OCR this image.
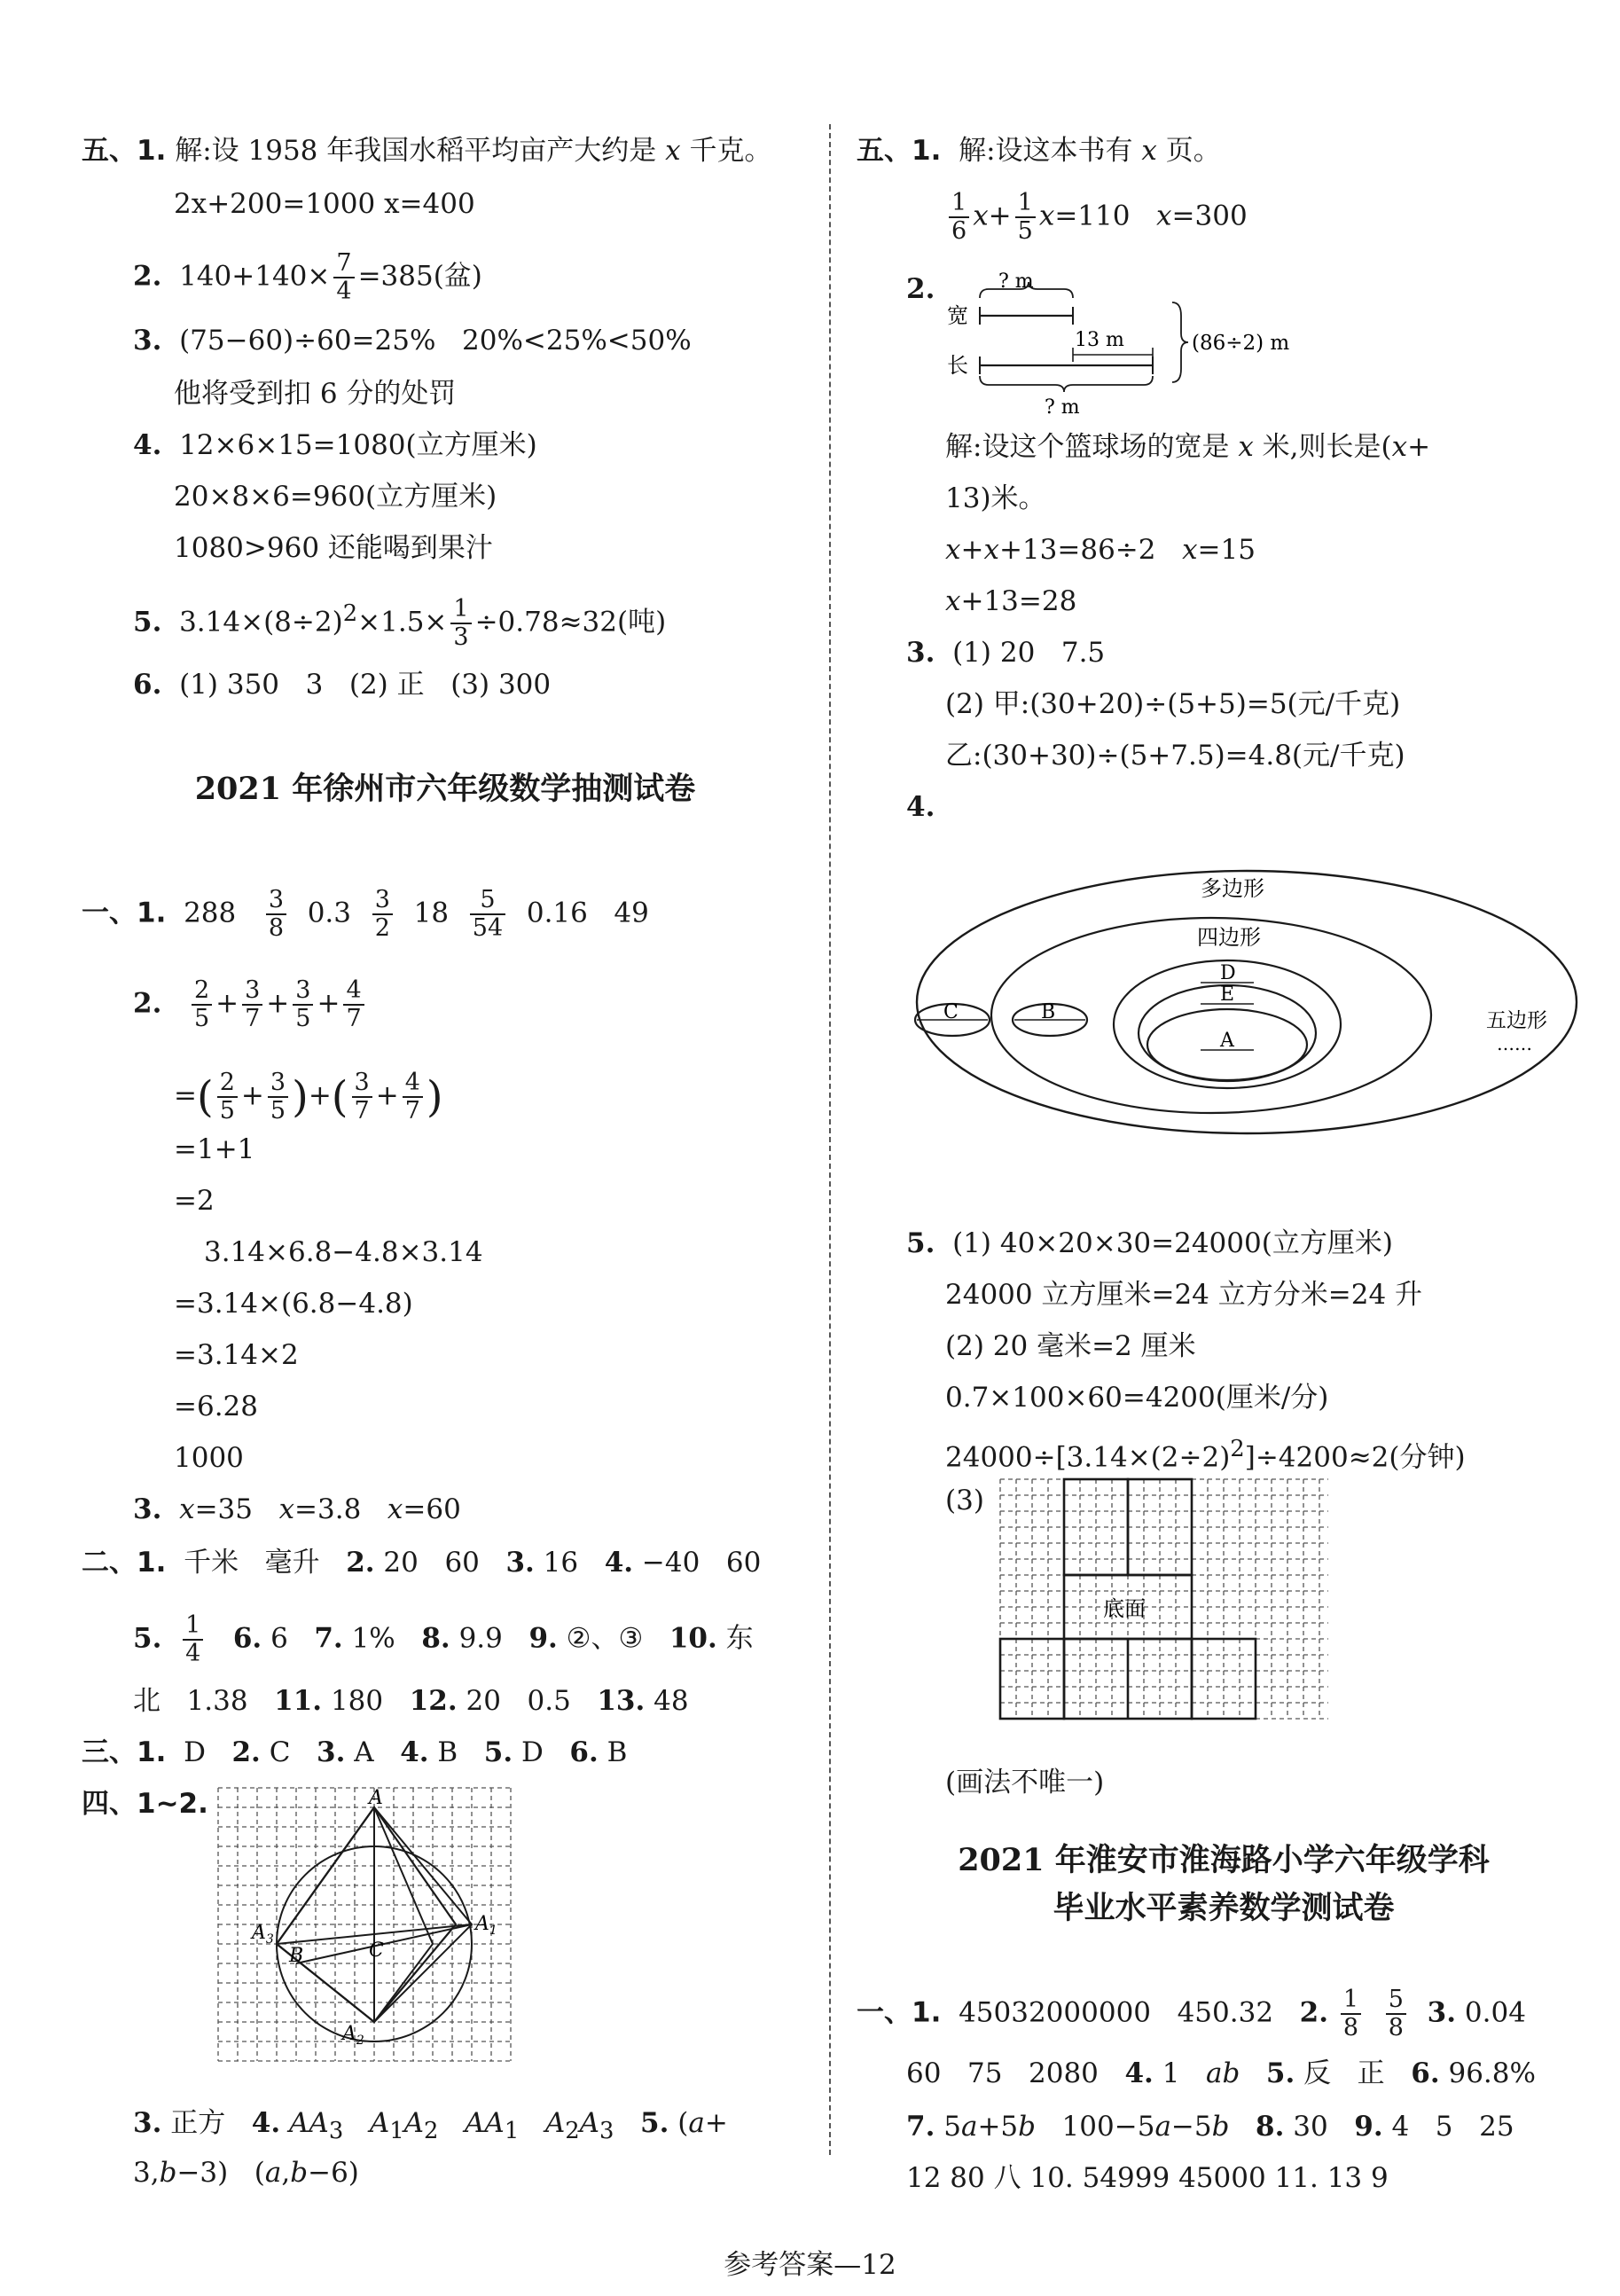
五、1. 解:设 1958 年我国水稻平均亩产大约是 x 千克。
2x+200=1000 x=400
2.  $140+140\times \frac{7}{4} =385$(盆)
3.  (75−60)÷60=25%   20%<25%<50%
他将受到扣 6 分的处罚
4.  12×6×15=1080(立方厘米)
20×8×6=960(立方厘米)
1080>960 还能喝到果汁
5.  $3.14\times(8\div 2)^2\times 1.5\times \frac{1}{3} \div 0.78\approx 32$(吨)
6.  (1) 350   3   (2) 正   (3) 300
2021 年徐州市六年级数学抽测试卷
一、1.  $288 \frac{3}{8} 0.3 \frac{3}{2} 18 \frac{5}{54} 0.16$   49
2. $\frac{2}{5} + \frac{3}{7} + \frac{3}{5} + \frac{4}{7}$
=( $\frac{2}{5} + \frac{3}{5}$ )+( $\frac{3}{7} + \frac{4}{7}$ )
=1+1
=2
3.14×6.8−4.8×3.14
=3.14×(6.8−4.8)
=3.14×2
=6.28
1000
3. x=35   x=3.8   x=60
二、1.  千米   毫升   2. 20   60   3. 16   4. −40   60
5. $\frac{1}{4} 6$. 6   7. 1%   8. 9.9   9. ②、③   10. 东
北   1.38   11. 180   12. 20   0.5   13. 48
三、1.  D   2. C   3. A   4. B   5. D   6. B
四、1~2.	A
$A_3$
$A_1$
B	C
$A_2$
3. 正方   4. $AA_3$ $A_1A_2$ $AA_1$ $A_2A_3$ 5. (a+
3,b−3)   (a,b−6)
五、1.  解:设这本书有 x 页。
$\frac{1}{6} x+ \frac{1}{5} x=110$   x=300
2.	? m
宽
13 m
长
? m
(86÷2) m
解:设这个篮球场的宽是 x 米,则长是(x+
13)米。
x+x+13=86÷2   x=15
x+13=28
3.  (1) 20   7.5
(2) 甲:(30+20)÷(5+5)=5(元/千克)
乙:(30+30)÷(5+7.5)=4.8(元/千克)
4.
多边形
四边形
D
E
A
C	B	五边形
……
5.  (1) 40×20×30=24000(立方厘米)
24000 立方厘米=24 立方分米=24 升
(2) 20 毫米=2 厘米
0.7×100×60=4200(厘米/分)
$24000\div[3.14\times(2\div 2)^2]\div 4200\approx 2$(分钟)
(3)
底面
(画法不唯一)
2021 年淮安市淮海路小学六年级学科
毕业水平素养数学测试卷
一、1.  45032000000   450.32   2. $\frac{1}{8}$
$\frac{5}{8} 3$. 0.04
60   75   2080   4. 1   ab 5. 反   正   6. 96.8%
7. 5a+5b   100−5a−5b 8. 30   9. 4   5   25
12 80 八 10. 54999 45000 11. 13 9
参考答案—12
